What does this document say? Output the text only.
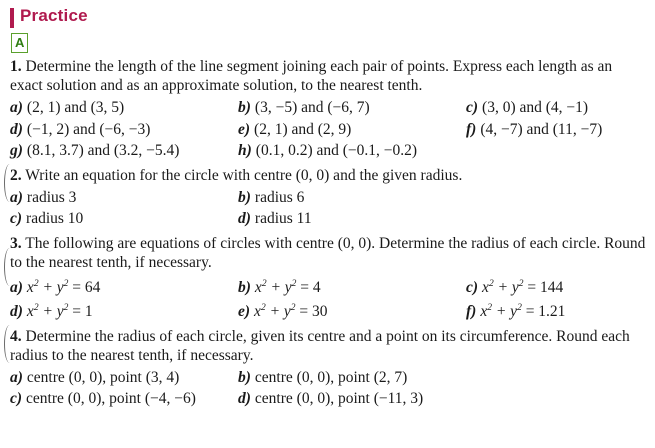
Practice
A
1. Determine the length of the line segment joining each pair of points. Express each length as an exact solution and as an approximate solution, to the nearest tenth.
a) (2, 1) and (3, 5)	b) (3, −5) and (−6, 7)	c) (3, 0) and (4, −1)
d) (−1, 2) and (−6, −3)	e) (2, 1) and (2, 9)	f) (4, −7) and (11, −7)
g) (8.1, 3.7) and (3.2, −5.4)	h) (0.1, 0.2) and (−0.1, −0.2)
2. Write an equation for the circle with centre (0, 0) and the given radius.
a) radius 3	b) radius 6
c) radius 10	d) radius 11
3. The following are equations of circles with centre (0, 0). Determine the radius of each circle. Round to the nearest tenth, if necessary.
a) $x^2 + y^2 = 64$	b) $x^2 + y^2 = 4$	c) $x^2 + y^2 = 144$
d) $x^2 + y^2 = 1$	e) $x^2 + y^2 = 30$	f) $x^2 + y^2 = 1.21$
4. Determine the radius of each circle, given its centre and a point on its circumference. Round each radius to the nearest tenth, if necessary.
a) centre (0, 0), point (3, 4)	b) centre (0, 0), point (2, 7)
c) centre (0, 0), point (−4, −6)	d) centre (0, 0), point (−11, 3)
